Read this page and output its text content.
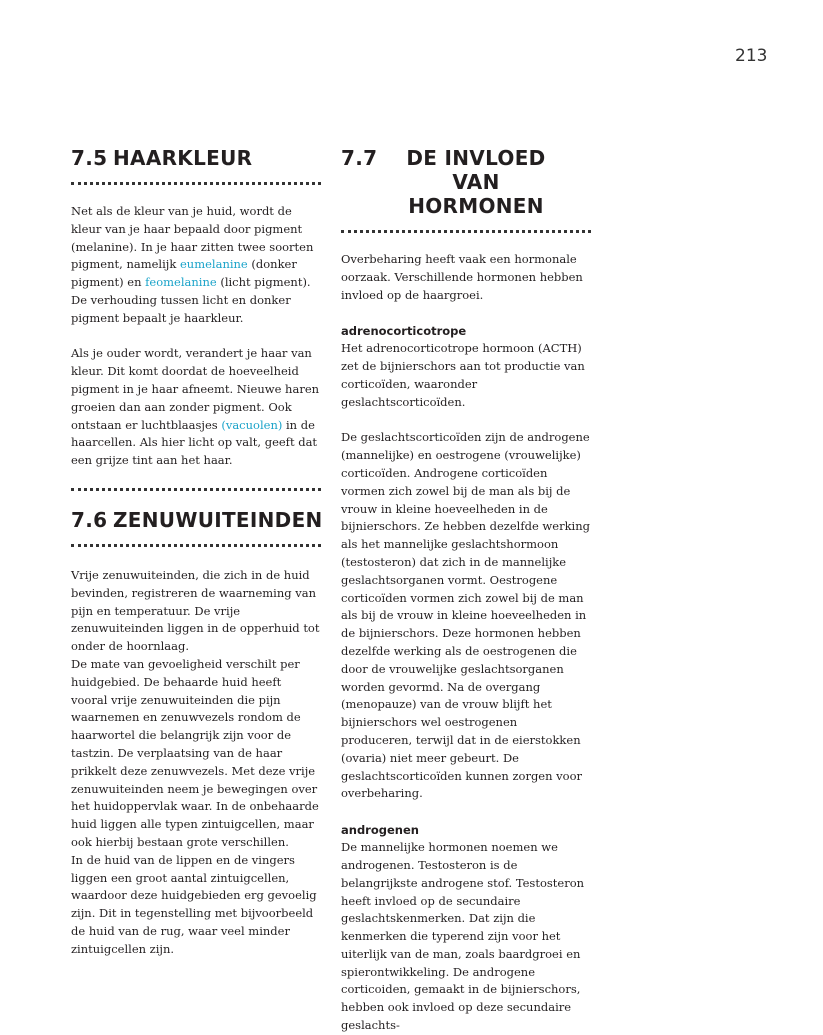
213
7.5 HAARKLEUR

Net als de kleur van je huid, wordt de kleur van je haar bepaald door pigment (melanine). In je haar zitten twee soorten pigment, namelijk eumelanine (donker pigment) en feomelanine (licht pigment). De verhouding tussen licht en donker pigment bepaalt je haarkleur.

Als je ouder wordt, verandert je haar van kleur. Dit komt doordat de hoeveelheid pigment in je haar afneemt. Nieuwe haren groeien dan aan zonder pigment. Ook ontstaan er luchtblaasjes (vacuolen) in de haarcellen. Als hier licht op valt, geeft dat een grijze tint aan het haar.

7.6 ZENUWUITEINDEN

Vrije zenuwuiteinden, die zich in de huid bevinden, registreren de waarneming van pijn en temperatuur. De vrije zenuwuiteinden liggen in de opperhuid tot onder de hoornlaag.

De mate van gevoeligheid verschilt per huidgebied. De behaarde huid heeft vooral vrije zenuwuiteinden die pijn waarnemen en zenuwvezels rondom de haarwortel die belangrijk zijn voor de tastzin. De verplaatsing van de haar prikkelt deze zenuwvezels. Met deze vrije zenuwuiteinden neem je bewegingen over het huidoppervlak waar. In de onbehaarde huid liggen alle typen zintuigcellen, maar ook hierbij bestaan grote verschillen.

In de huid van de lippen en de vingers liggen een groot aantal zintuigcellen, waardoor deze huidgebieden erg gevoelig zijn. Dit in tegenstelling met bijvoorbeeld de huid van de rug, waar veel minder zintuigcellen zijn.

7.7	DE INVLOED VAN HORMONEN

Overbeharing heeft vaak een hormonale oorzaak. Verschillende hormonen hebben invloed op de haargroei.

adrenocorticotrope

Het adrenocorticotrope hormoon (ACTH) zet de bijnierschors aan tot productie van corticoïden, waaronder geslachtscorticoïden.

De geslachtscorticoïden zijn de androgene (mannelijke) en oestrogene (vrouwelijke) corticoïden. Androgene corticoïden vormen zich zowel bij de man als bij de vrouw in kleine hoeveelheden in de bijnierschors. Ze hebben dezelfde werking als het mannelijke geslachtshormoon (testosteron) dat zich in de mannelijke geslachtsorganen vormt. Oestrogene corticoïden vormen zich zowel bij de man als bij de vrouw in kleine hoeveelheden in de bijnierschors. Deze hormonen hebben dezelfde werking als de oestrogenen die door de vrouwelijke geslachtsorganen worden gevormd. Na de overgang (menopauze) van de vrouw blijft het bijnierschors wel oestrogenen produceren, terwijl dat in de eierstokken (ovaria) niet meer gebeurt. De geslachtscorticoïden kunnen zorgen voor overbeharing.

androgenen

De mannelijke hormonen noemen we androgenen. Testosteron is de belangrijkste androgene stof. Testosteron heeft invloed op de secundaire geslachtskenmerken. Dat zijn die kenmerken die typerend zijn voor het uiterlijk van de man, zoals baardgroei en spierontwikkeling. De androgene corticoiden, gemaakt in de bijnierschors, hebben ook invloed op deze secundaire geslachts-
